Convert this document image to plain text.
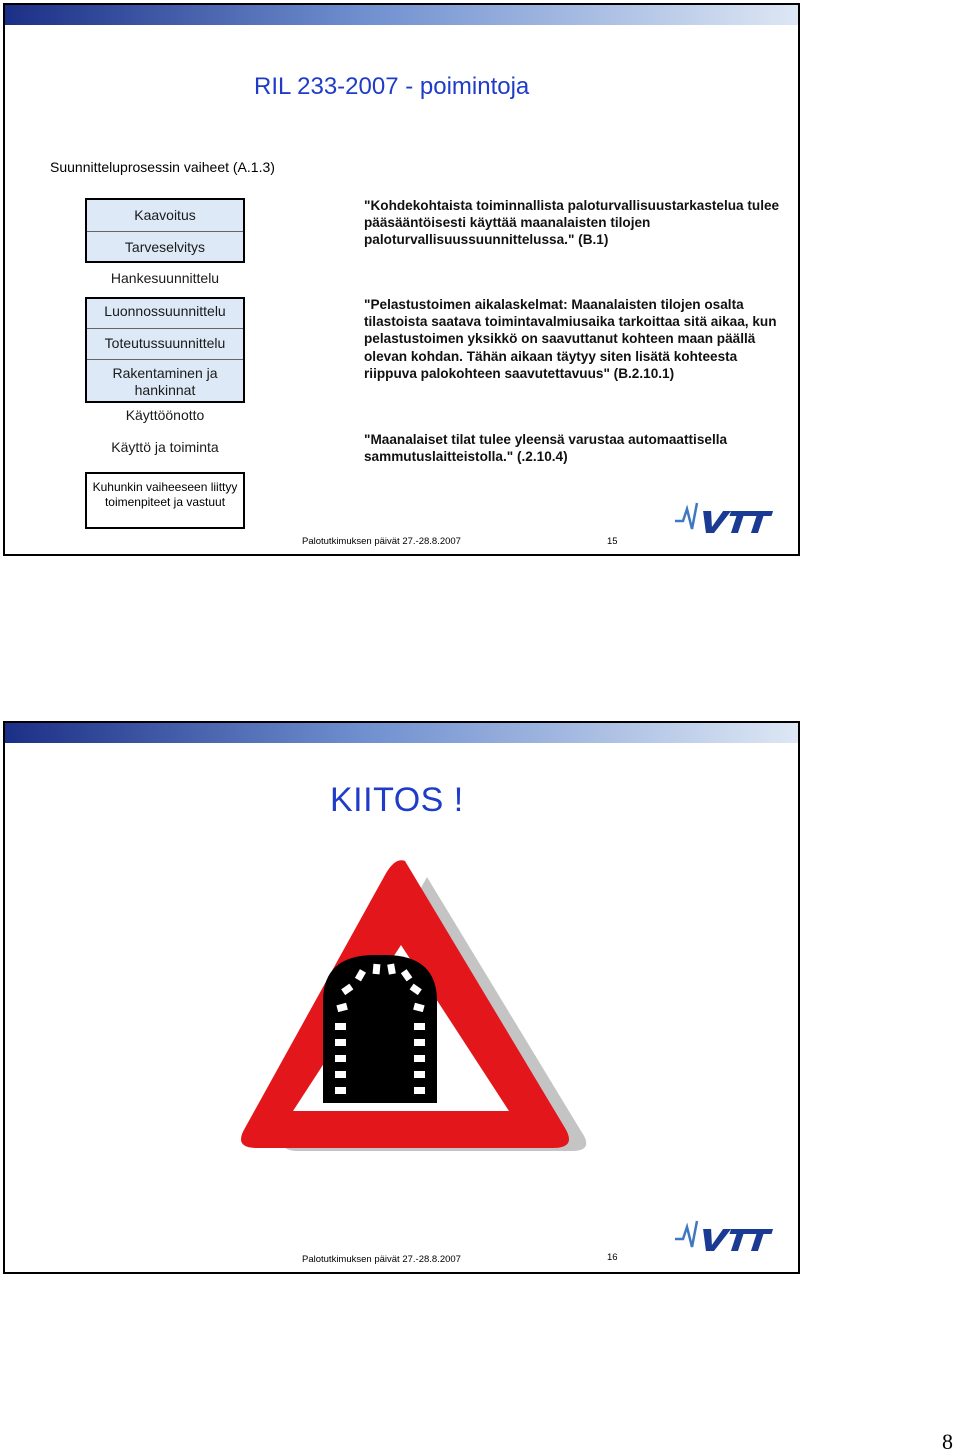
RIL 233-2007 - poimintoja
Suunnitteluprosessin vaiheet (A.1.3)
Kaavoitus
Tarveselvitys
Hankesuunnittelu
Luonnossuunnittelu
Toteutussuunnittelu
Rakentaminen ja hankinnat
Käyttöönotto
Käyttö ja toiminta
Kuhunkin vaiheeseen liittyy toimenpiteet ja vastuut
"Kohdekohtaista toiminnallista paloturvallisuustarkastelua tulee pääsääntöisesti käyttää maanalaisten tilojen paloturvallisuussuunnittelussa." (B.1)
"Pelastustoimen aikalaskelmat: Maanalaisten tilojen osalta tilastoista saatava toimintavalmiusaika tarkoittaa sitä aikaa, kun pelastustoimen yksikkö on saavuttanut kohteen maan päällä olevan kohdan. Tähän aikaan täytyy siten lisätä kohteesta riippuva palokohteen saavutettavuus" (B.2.10.1)
"Maanalaiset tilat tulee yleensä varustaa automaattisella sammutuslaitteistolla." (.2.10.4)
Palotutkimuksen päivät 27.-28.8.2007	15
KIITOS !
Palotutkimuksen päivät 27.-28.8.2007	16
8
